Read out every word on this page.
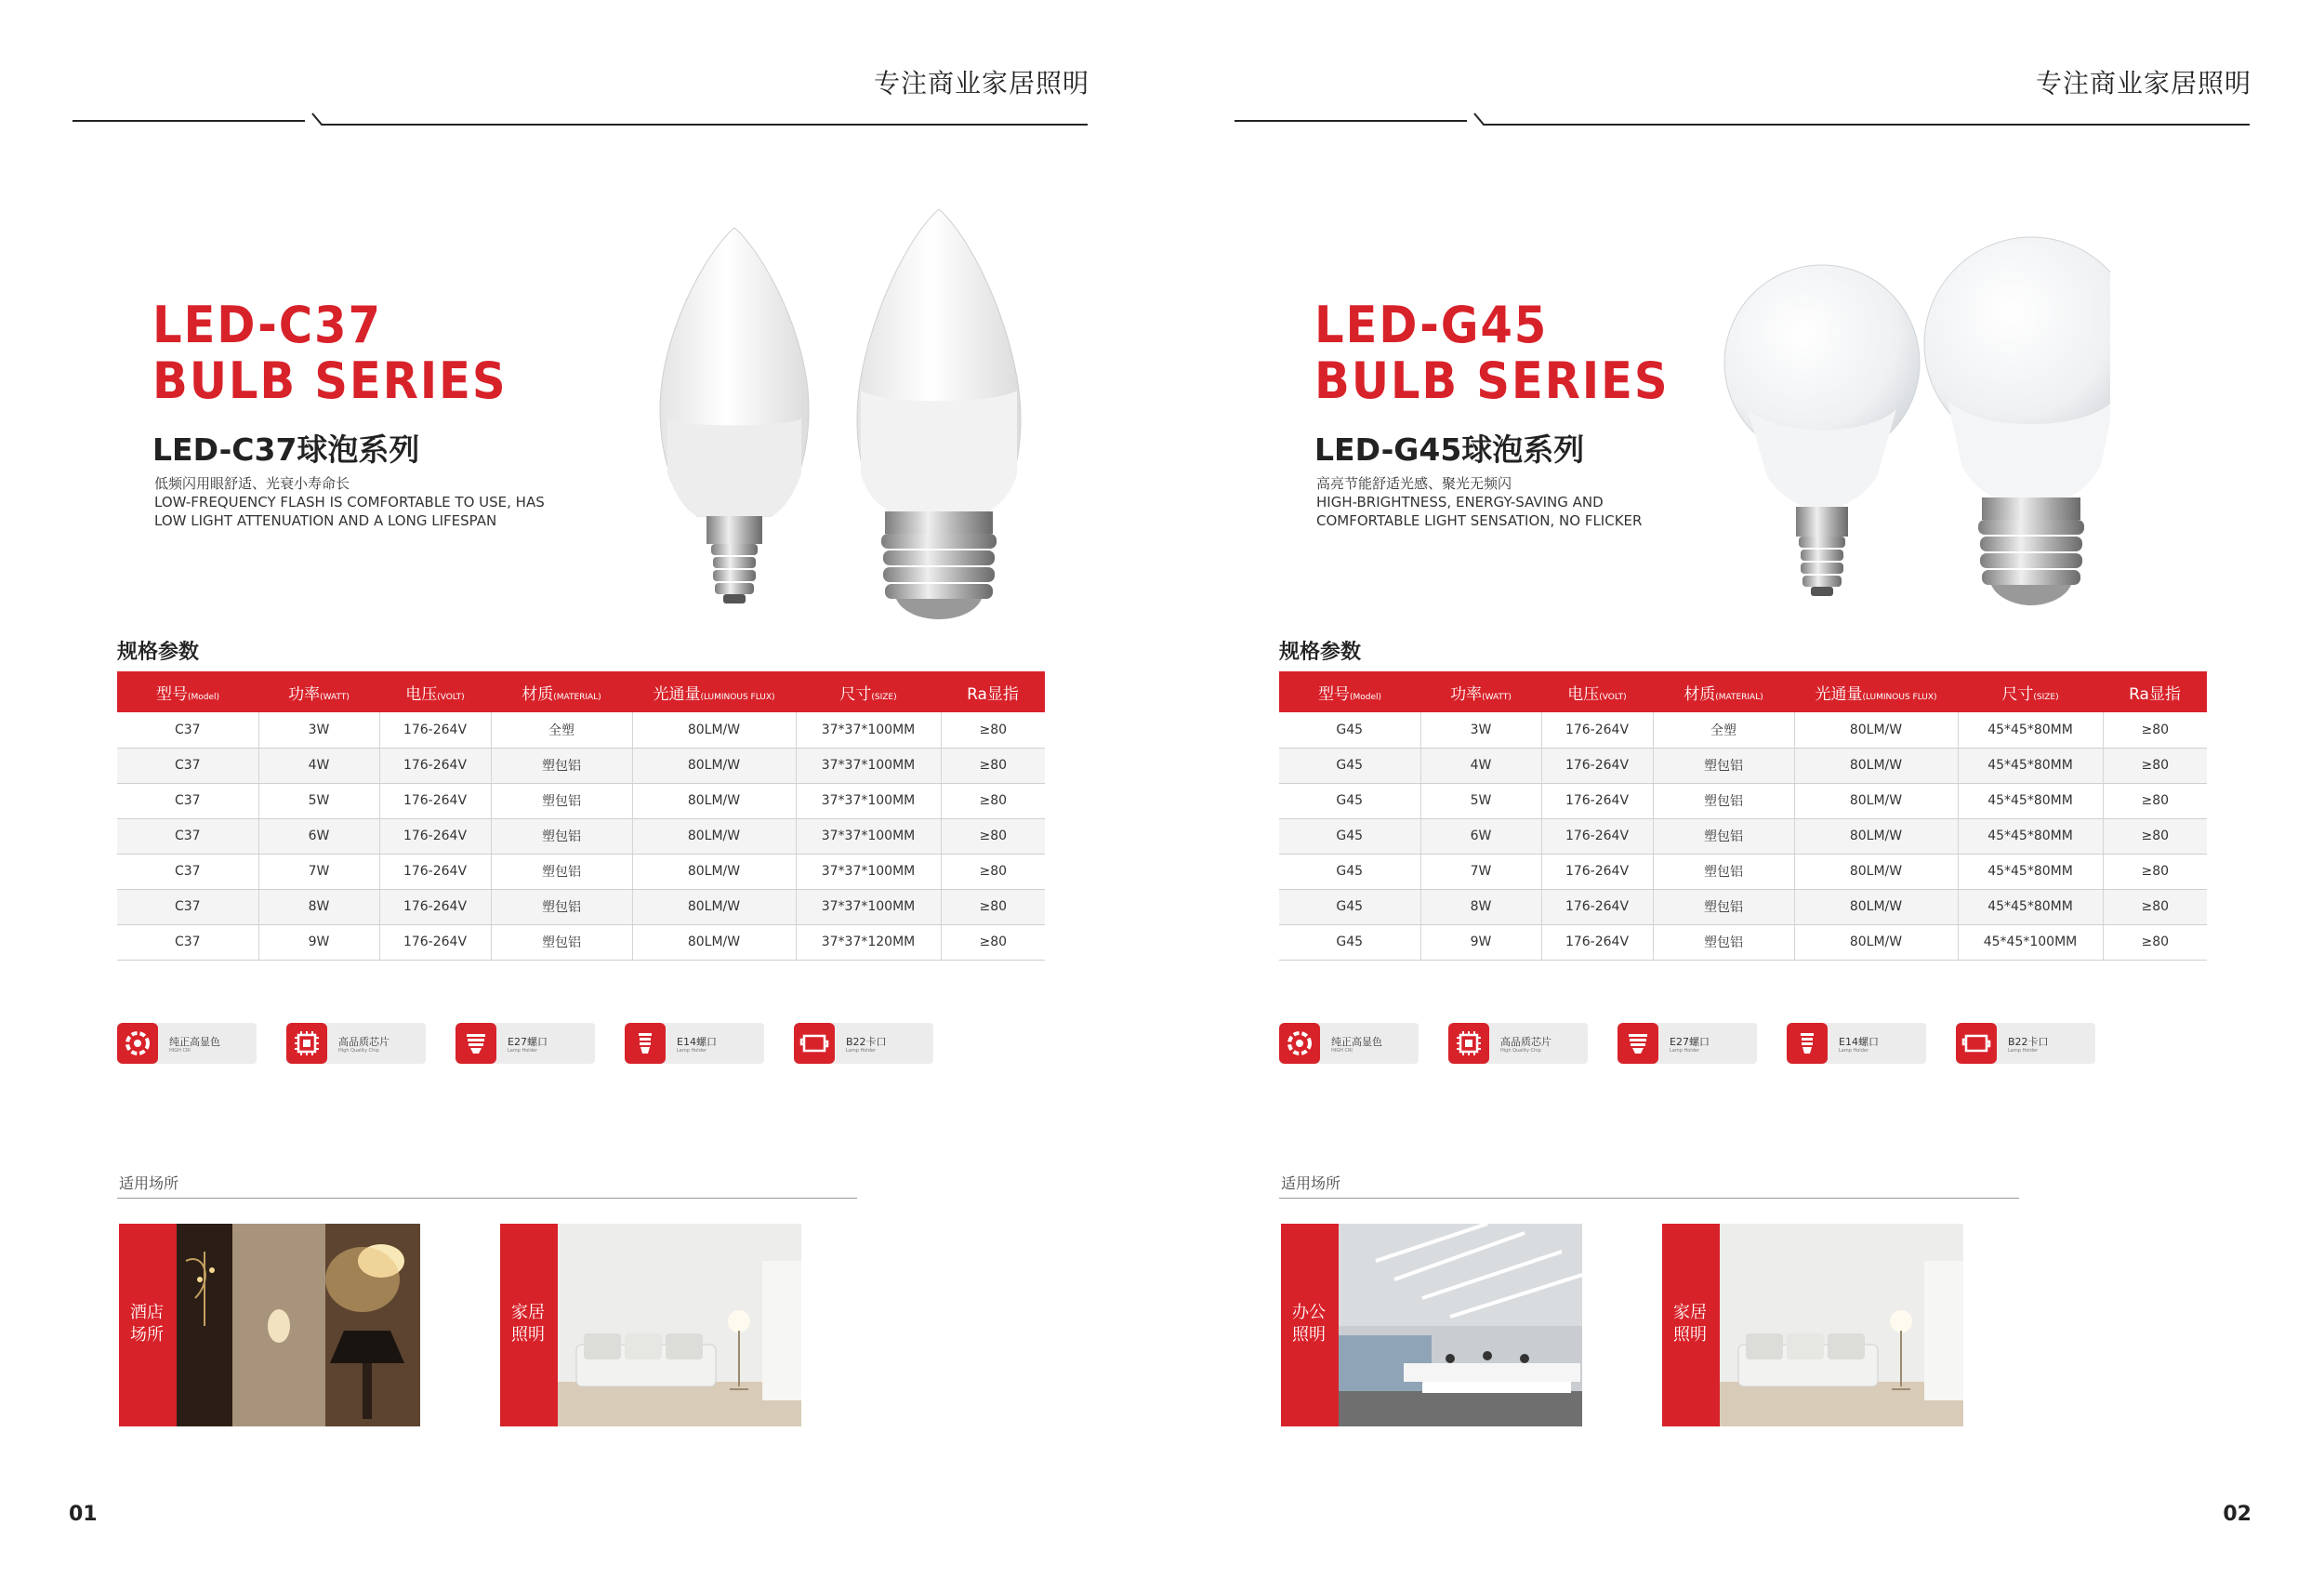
专注商业家居照明
LED-C37
BULB SERIES
LED-C37球泡系列
低频闪用眼舒适、光衰小寿命长
LOW-FREQUENCY FLASH IS COMFORTABLE TO USE, HAS
LOW LIGHT ATTENUATION AND A LONG LIFESPAN
规格参数
型号(Model)	功率(WATT)	电压(VOLT)	材质(MATERIAL)	光通量(LUMINOUS FLUX)	尺寸(SIZE)	Ra显指
C37	3W	176-264V	全塑	80LM/W	37*37*100MM	≥80
C37	4W	176-264V	塑包铝	80LM/W	37*37*100MM	≥80
C37	5W	176-264V	塑包铝	80LM/W	37*37*100MM	≥80
C37	6W	176-264V	塑包铝	80LM/W	37*37*100MM	≥80
C37	7W	176-264V	塑包铝	80LM/W	37*37*100MM	≥80
C37	8W	176-264V	塑包铝	80LM/W	37*37*100MM	≥80
C37	9W	176-264V	塑包铝	80LM/W	37*37*120MM	≥80
纯正高显色
HIGH CRI
高品质芯片
High Quality Chip
E27螺口
Lamp Holder
E14螺口
Lamp Holder
B22卡口
Lamp Holder
适用场所
酒店
场所
家居
照明
01
专注商业家居照明
LED-G45
BULB SERIES
LED-G45球泡系列
高亮节能舒适光感、聚光无频闪
HIGH-BRIGHTNESS, ENERGY-SAVING AND
COMFORTABLE LIGHT SENSATION, NO FLICKER
规格参数
型号(Model)	功率(WATT)	电压(VOLT)	材质(MATERIAL)	光通量(LUMINOUS FLUX)	尺寸(SIZE)	Ra显指
G45	3W	176-264V	全塑	80LM/W	45*45*80MM	≥80
G45	4W	176-264V	塑包铝	80LM/W	45*45*80MM	≥80
G45	5W	176-264V	塑包铝	80LM/W	45*45*80MM	≥80
G45	6W	176-264V	塑包铝	80LM/W	45*45*80MM	≥80
G45	7W	176-264V	塑包铝	80LM/W	45*45*80MM	≥80
G45	8W	176-264V	塑包铝	80LM/W	45*45*80MM	≥80
G45	9W	176-264V	塑包铝	80LM/W	45*45*100MM	≥80
纯正高显色
HIGH CRI
高品质芯片
High Quality Chip
E27螺口
Lamp Holder
E14螺口
Lamp Holder
B22卡口
Lamp Holder
适用场所
办公
照明
家居
照明
02
